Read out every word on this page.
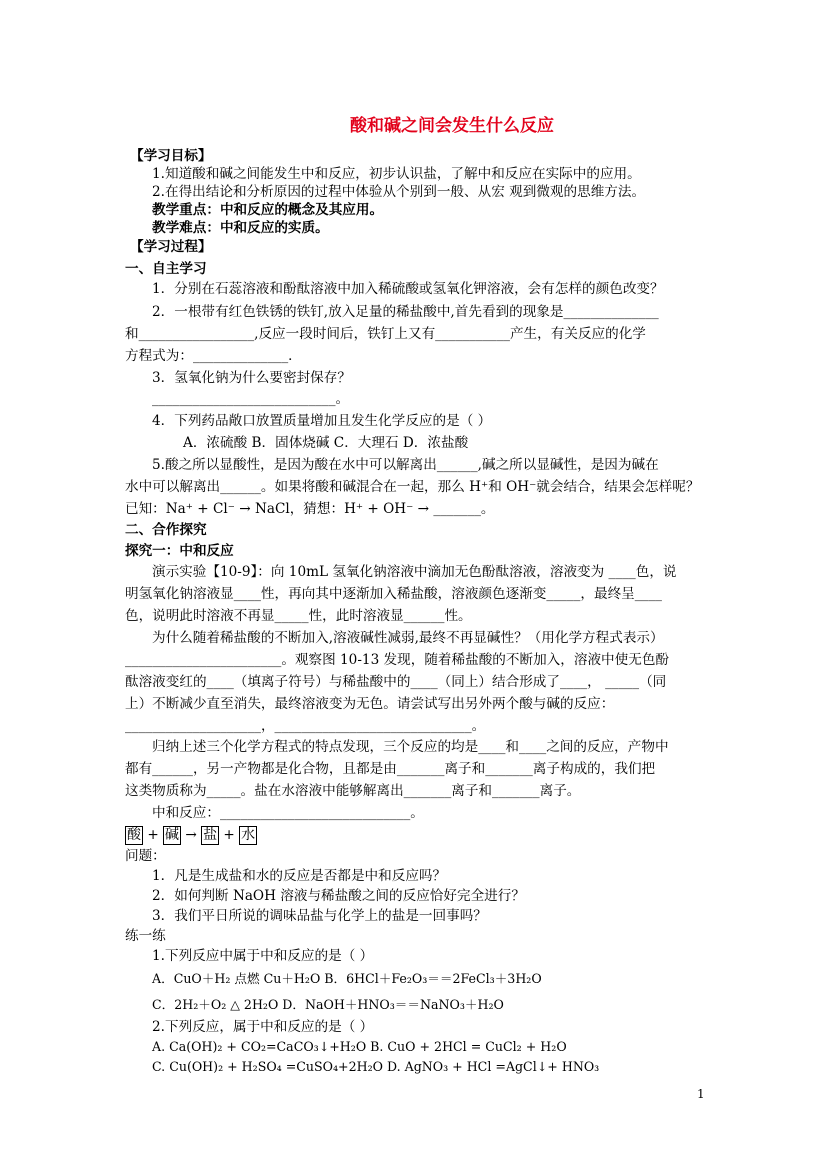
酸和碱之间会发生什么反应
【学习目标】
1.知道酸和碱之间能发生中和反应，初步认识盐，了解中和反应在实际中的应用。
2.在得出结论和分析原因的过程中体验从个别到一般、从宏 观到微观的思维方法。
教学重点：中和反应的概念及其应用。
教学难点：中和反应的实质。
【学习过程】
一、自主学习
1．分别在石蕊溶液和酚酞溶液中加入稀硫酸或氢氧化钾溶液，会有怎样的颜色改变？
2．一根带有红色铁锈的铁钉,放入足量的稀盐酸中,首先看到的现象是______________
和_________________,反应一段时间后，铁钉上又有___________产生，有关反应的化学
方程式为：______________．
3．氢氧化钠为什么要密封保存？
___________________________。
4．下列药品敞口放置质量增加且发生化学反应的是（ ）
A．浓硫酸 B．固体烧碱 C．大理石 D．浓盐酸
5.酸之所以显酸性，是因为酸在水中可以解离出______,碱之所以显碱性，是因为碱在
水中可以解离出______。如果将酸和碱混合在一起，那么 H⁺和 OH⁻就会结合，结果会怎样呢？
已知：Na⁺ + Cl⁻ → NaCl，猜想：H⁺ + OH⁻ → _______。
二、合作探究
探究一：中和反应
演示实验【10-9】：向 10mL 氢氧化钠溶液中滴加无色酚酞溶液，溶液变为 ____色，说
明氢氧化钠溶液显____性，再向其中逐渐加入稀盐酸，溶液颜色逐渐变_____，最终呈____
色，说明此时溶液不再显_____性，此时溶液显______性。
为什么随着稀盐酸的不断加入,溶液碱性减弱,最终不再显碱性？（用化学方程式表示）
_______________________。观察图 10-13 发现，随着稀盐酸的不断加入，溶液中使无色酚
酞溶液变红的____（填离子符号）与稀盐酸中的____（同上）结合形成了____， _____（同
上）不断减少直至消失，最终溶液变为无色。请尝试写出另外两个酸与碱的反应：
____________________，_____________________________。
归纳上述三个化学方程式的特点发现，三个反应的均是____和____之间的反应，产物中
都有______，另一产物都是化合物，且都是由_______离子和_______离子构成的，我们把
这类物质称为_____。盐在水溶液中能够解离出_______离子和_______离子。
中和反应：____________________________。
酸 + 碱 → 盐 + 水
问题：
1．凡是生成盐和水的反应是否都是中和反应吗？
2．如何判断 NaOH 溶液与稀盐酸之间的反应恰好完全进行？
3．我们平日所说的调味品盐与化学上的盐是一回事吗？
练一练
1.下列反应中属于中和反应的是（ ）
A．CuO＋H₂ 点燃 Cu＋H₂O B．6HCl＋Fe₂O₃＝＝2FeCl₃＋3H₂O
C．2H₂＋O₂ △ 2H₂O D．NaOH＋HNO₃＝＝NaNO₃＋H₂O
2.下列反应，属于中和反应的是（ ）
A. Ca(OH)₂ + CO₂=CaCO₃↓+H₂O B. CuO + 2HCl = CuCl₂ + H₂O
C. Cu(OH)₂ + H₂SO₄ =CuSO₄+2H₂O D. AgNO₃ + HCl =AgCl↓+ HNO₃
1
